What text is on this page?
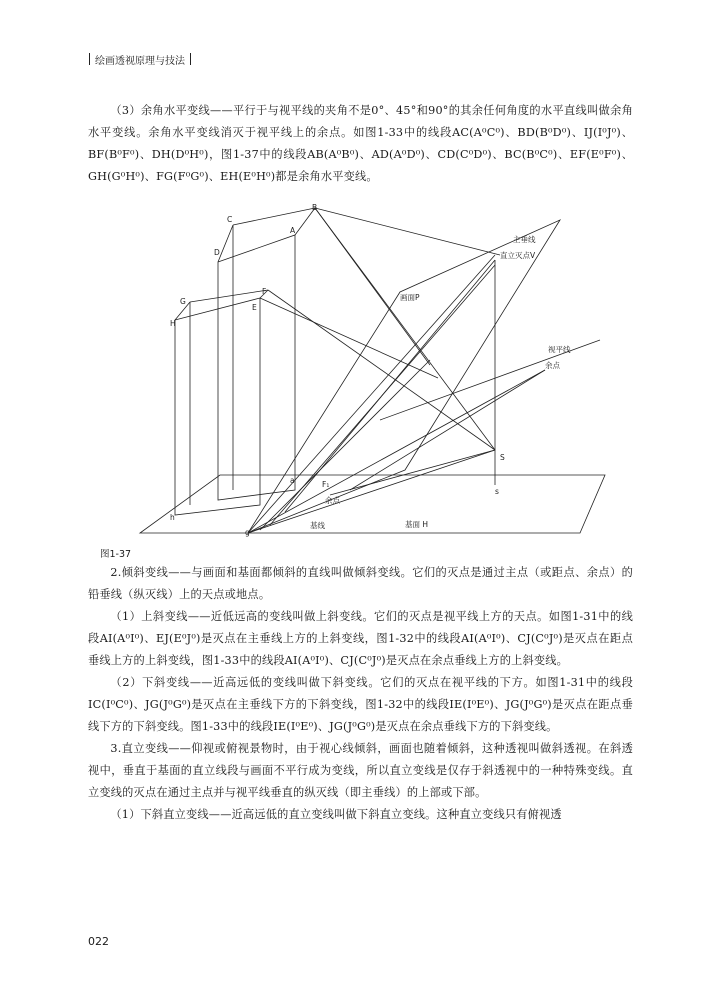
绘画透视原理与技法

（3）余角水平变线——平行于与视平线的夹角不是0°、45°和90°的其余任何角度的水平直线叫做余角水平变线。余角水平变线消灭于视平线上的余点。如图1-33中的线段AC(A⁰C⁰)、BD(B⁰D⁰)、IJ(I⁰J⁰)、BF(B⁰F⁰)、DH(D⁰H⁰)，图1-37中的线段AB(A⁰B⁰)、AD(A⁰D⁰)、CD(C⁰D⁰)、BC(B⁰C⁰)、EF(E⁰F⁰)、GH(G⁰H⁰)、FG(F⁰G⁰)、EH(E⁰H⁰)都是余角水平变线。

主垂线
直立灭点V
画面P
视平线
余点
余点
基线	基面 H
S
F₁
B
A
C
D
G
F
H
E
h
g
a
s
图1-37

2.倾斜变线——与画面和基面都倾斜的直线叫做倾斜变线。它们的灭点是通过主点（或距点、余点）的铅垂线（纵灭线）上的天点或地点。

（1）上斜变线——近低远高的变线叫做上斜变线。它们的灭点是视平线上方的天点。如图1-31中的线段AI(A⁰I⁰)、EJ(E⁰J⁰)是灭点在主垂线上方的上斜变线，图1-32中的线段AI(A⁰I⁰)、CJ(C⁰J⁰)是灭点在距点垂线上方的上斜变线，图1-33中的线段AI(A⁰I⁰)、CJ(C⁰J⁰)是灭点在余点垂线上方的上斜变线。

（2）下斜变线——近高远低的变线叫做下斜变线。它们的灭点在视平线的下方。如图1-31中的线段IC(I⁰C⁰)、JG(J⁰G⁰)是灭点在主垂线下方的下斜变线，图1-32中的线段IE(I⁰E⁰)、JG(J⁰G⁰)是灭点在距点垂线下方的下斜变线。图1-33中的线段IE(I⁰E⁰)、JG(J⁰G⁰)是灭点在余点垂线下方的下斜变线。

3.直立变线——仰视或俯视景物时，由于视心线倾斜，画面也随着倾斜，这种透视叫做斜透视。在斜透视中，垂直于基面的直立线段与画面不平行成为变线，所以直立变线是仅存于斜透视中的一种特殊变线。直立变线的灭点在通过主点并与视平线垂直的纵灭线（即主垂线）的上部或下部。

（1）下斜直立变线——近高远低的直立变线叫做下斜直立变线。这种直立变线只有俯视透

022
